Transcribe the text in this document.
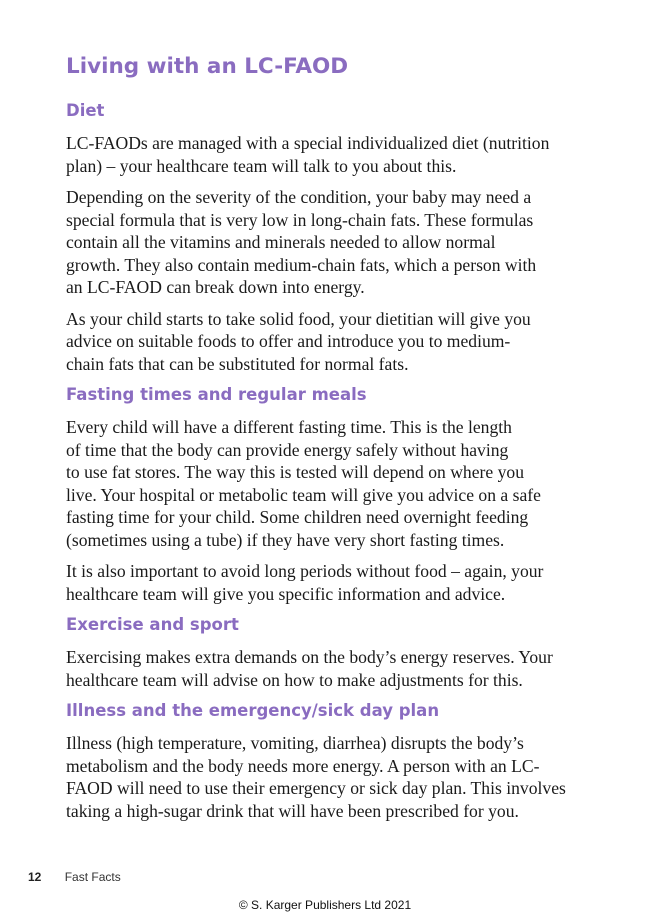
Living with an LC-FAOD
Diet

LC-FAODs are managed with a special individualized diet (nutrition
plan) – your healthcare team will talk to you about this.

Depending on the severity of the condition, your baby may need a
special formula that is very low in long-chain fats. These formulas
contain all the vitamins and minerals needed to allow normal
growth. They also contain medium-chain fats, which a person with
an LC-FAOD can break down into energy.

As your child starts to take solid food, your dietitian will give you
advice on suitable foods to offer and introduce you to medium-
chain fats that can be substituted for normal fats.

Fasting times and regular meals

Every child will have a different fasting time. This is the length
of time that the body can provide energy safely without having
to use fat stores. The way this is tested will depend on where you
live. Your hospital or metabolic team will give you advice on a safe
fasting time for your child. Some children need overnight feeding
(sometimes using a tube) if they have very short fasting times.

It is also important to avoid long periods without food – again, your
healthcare team will give you specific information and advice.

Exercise and sport

Exercising makes extra demands on the body’s energy reserves. Your
healthcare team will advise on how to make adjustments for this.

Illness and the emergency/sick day plan

Illness (high temperature, vomiting, diarrhea) disrupts the body’s
metabolism and the body needs more energy. A person with an LC-
FAOD will need to use their emergency or sick day plan. This involves
taking a high-sugar drink that will have been prescribed for you.

12 Fast Facts
© S. Karger Publishers Ltd 2021
